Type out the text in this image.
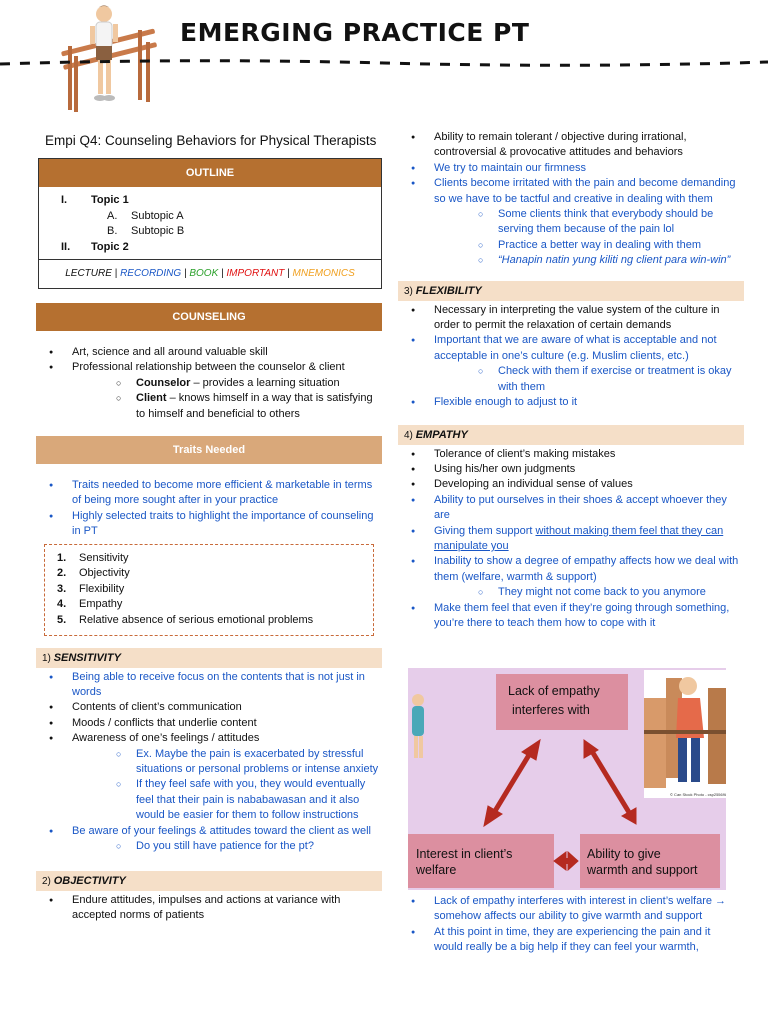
EMERGING PRACTICE PT
Empi Q4: Counseling Behaviors for Physical Therapists
OUTLINE
I.	Topic 1
A.	Subtopic A
B.	Subtopic B
II.	Topic 2
LECTURE | RECORDING | BOOK | IMPORTANT | MNEMONICS
COUNSELING
● Art, science and all around valuable skill
● Professional relationship between the counselor & client
○ Counselor – provides a learning situation
○ Client – knows himself in a way that is satisfying to himself and beneficial to others
Traits Needed
● Traits needed to become more efficient & marketable in terms of being more sought after in your practice
● Highly selected traits to highlight the importance of counseling in PT
1.	Sensitivity
2.	Objectivity
3.	Flexibility
4.	Empathy
5.	Relative absence of serious emotional problems
1) SENSITIVITY
● Being able to receive focus on the contents that is not just in words
● Contents of client’s communication
● Moods / conflicts that underlie content
● Awareness of one’s feelings / attitudes
○ Ex. Maybe the pain is exacerbated by stressful situations or personal problems or intense anxiety
○ If they feel safe with you, they would eventually feel that their pain is nababawasan and it also would be easier for them to follow instructions
● Be aware of your feelings & attitudes toward the client as well
○ Do you still have patience for the pt?
2) OBJECTIVITY
● Endure attitudes, impulses and actions at variance with accepted norms of patients
● Ability to remain tolerant / objective during irrational, controversial & provocative attitudes and behaviors
● We try to maintain our firmness
● Clients become irritated with the pain and become demanding so we have to be tactful and creative in dealing with them
○ Some clients think that everybody should be serving them because of the pain lol
○ Practice a better way in dealing with them
○ “Hanapin natin yung kiliti ng client para win-win”
3) FLEXIBILITY
● Necessary in interpreting the value system of the culture in order to permit the relaxation of certain demands
● Important that we are aware of what is acceptable and not acceptable in one’s culture (e.g. Muslim clients, etc.)
○ Check with them if exercise or treatment is okay with them
● Flexible enough to adjust to it
4) EMPATHY
● Tolerance of client’s making mistakes
● Using his/her own judgments
● Developing an individual sense of values
● Ability to put ourselves in their shoes & accept whoever they are
● Giving them support without making them feel that they can manipulate you
● Inability to show a degree of empathy affects how we deal with them (welfare, warmth & support)
○ They might not come back to you anymore
● Make them feel that even if they’re going through something, you’re there to teach them how to cope with it
© Can Stock Photo - csp2556981
Lack of empathy interferes with
Interest in client’s welfare
Ability to give warmth and support
● Lack of empathy interferes with interest in client’s welfare → somehow affects our ability to give warmth and support
● At this point in time, they are experiencing the pain and it would really be a big help if they can feel your warmth,
